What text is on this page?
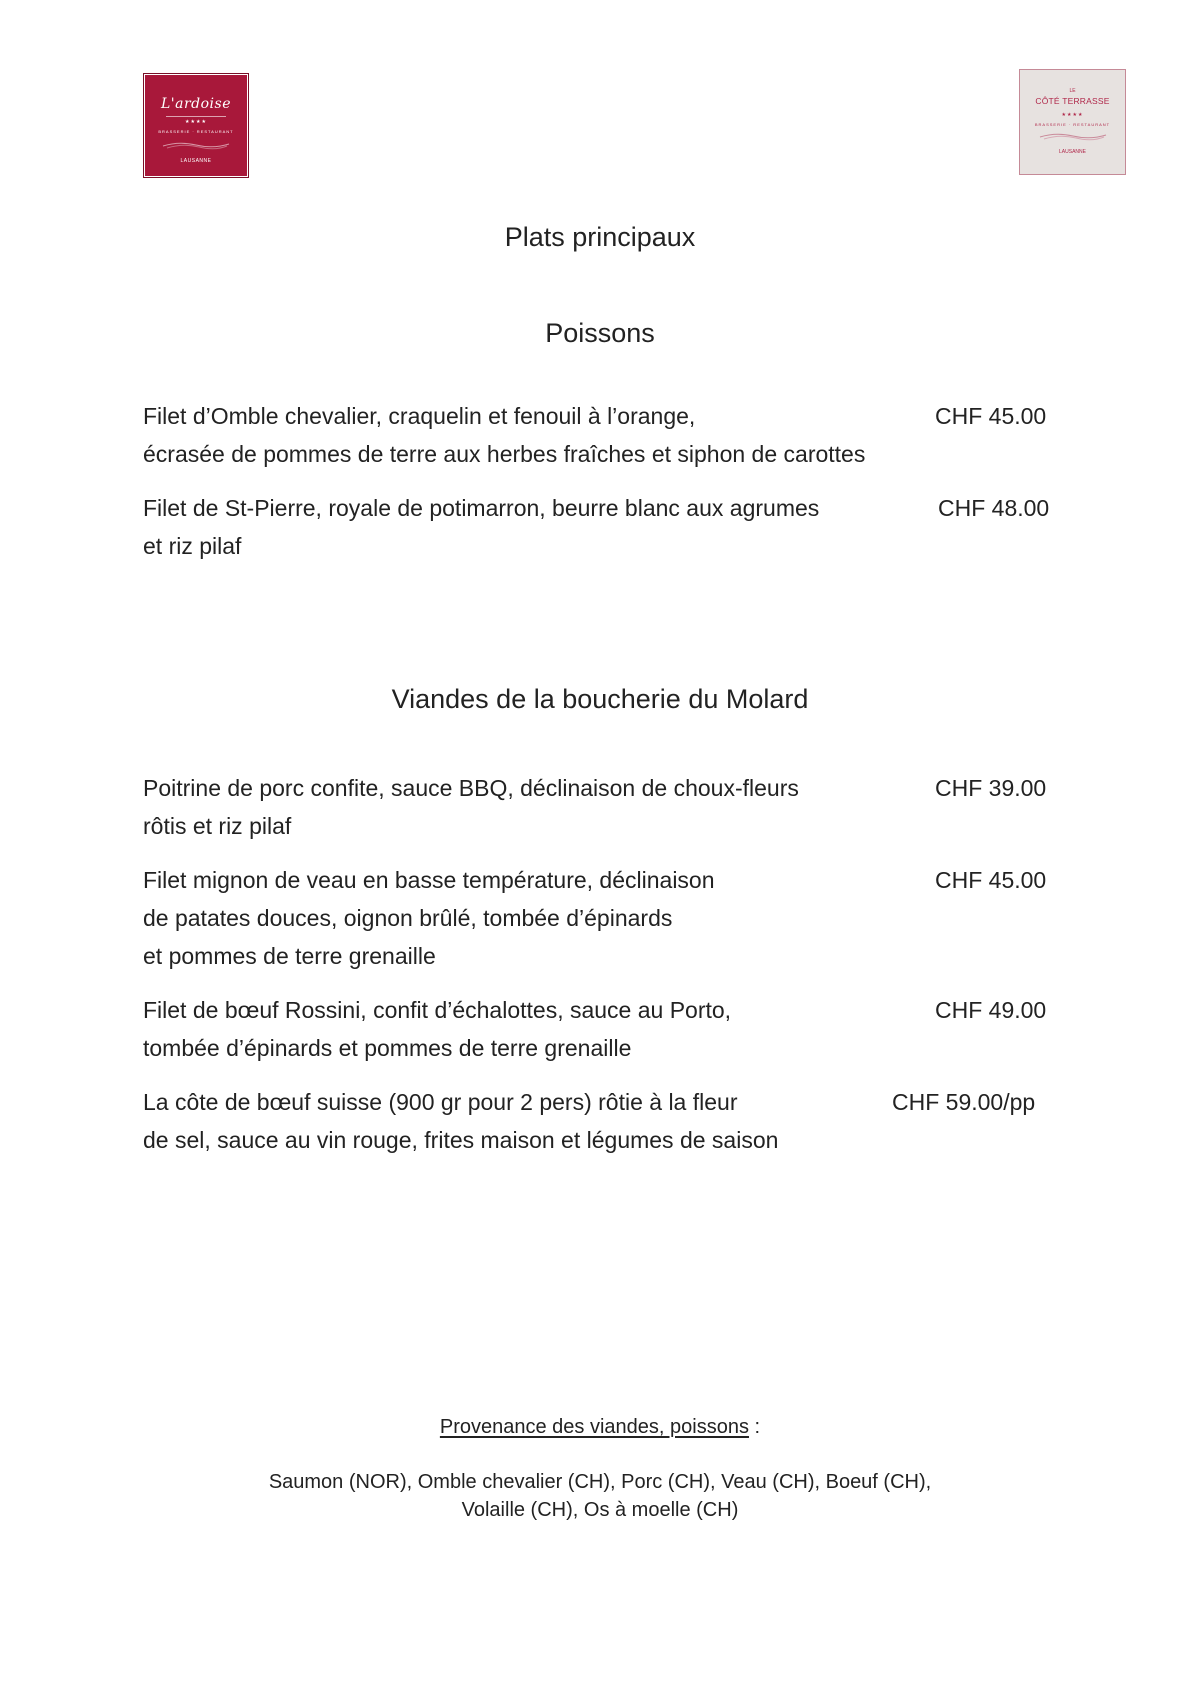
L'ardoise
★★★★
BRASSERIE · RESTAURANT
LAUSANNE
LE
CÔTÉ TERRASSE
★★★★
BRASSERIE · RESTAURANT
LAUSANNE
Plats principaux
Poissons
Filet d’Omble chevalier, craquelin et fenouil à l’orange,
écrasée de pommes de terre aux herbes fraîches et siphon de carottes
CHF 45.00
Filet de St-Pierre, royale de potimarron, beurre blanc aux agrumes
et riz pilaf
CHF 48.00
Viandes de la boucherie du Molard
Poitrine de porc confite, sauce BBQ, déclinaison de choux-fleurs
rôtis et riz pilaf
CHF 39.00
Filet mignon de veau en basse température, déclinaison
de patates douces, oignon brûlé, tombée d’épinards
et pommes de terre grenaille
CHF 45.00
Filet de bœuf Rossini, confit d’échalottes, sauce au Porto,
tombée d’épinards et pommes de terre grenaille
CHF 49.00
La côte de bœuf suisse (900 gr pour 2 pers) rôtie à la fleur
de sel, sauce au vin rouge, frites maison et légumes de saison
CHF 59.00/pp
Provenance des viandes, poissons :
Saumon (NOR), Omble chevalier (CH), Porc (CH), Veau (CH), Boeuf (CH),
Volaille (CH), Os à moelle (CH)
